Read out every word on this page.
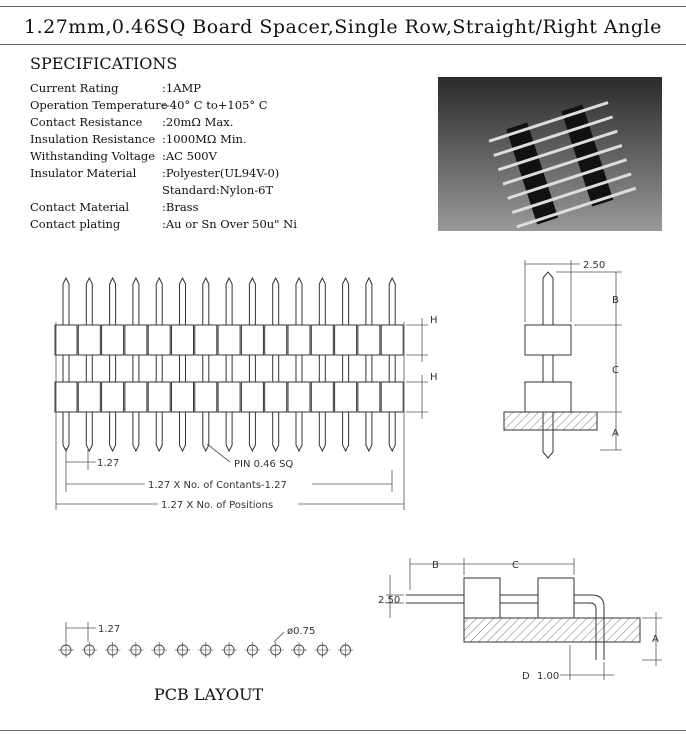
1.27mm,0.46SQ Board Spacer,Single Row,Straight/Right Angle
SPECIFICATIONS
Current Rating	:1AMP
Operation Temperature
:-40° C to+105° C
Contact Resistance	:20mΩ Max.
Insulation Resistance :1000MΩ Min.
Withstanding Voltage :AC 500V
Insulator Material	:Polyester(UL94V-0)
Standard:Nylon-6T
Contact Material	:Brass
Contact plating	:Au or Sn Over 50u" Ni
H
H
1.27	PIN 0.46 SQ
1.27 X No. of Contants-1.27
1.27 X No. of Positions
2.50
B
C
A
B	C
2.50
A
D 1.00
1.27	ø0.75
PCB LAYOUT
